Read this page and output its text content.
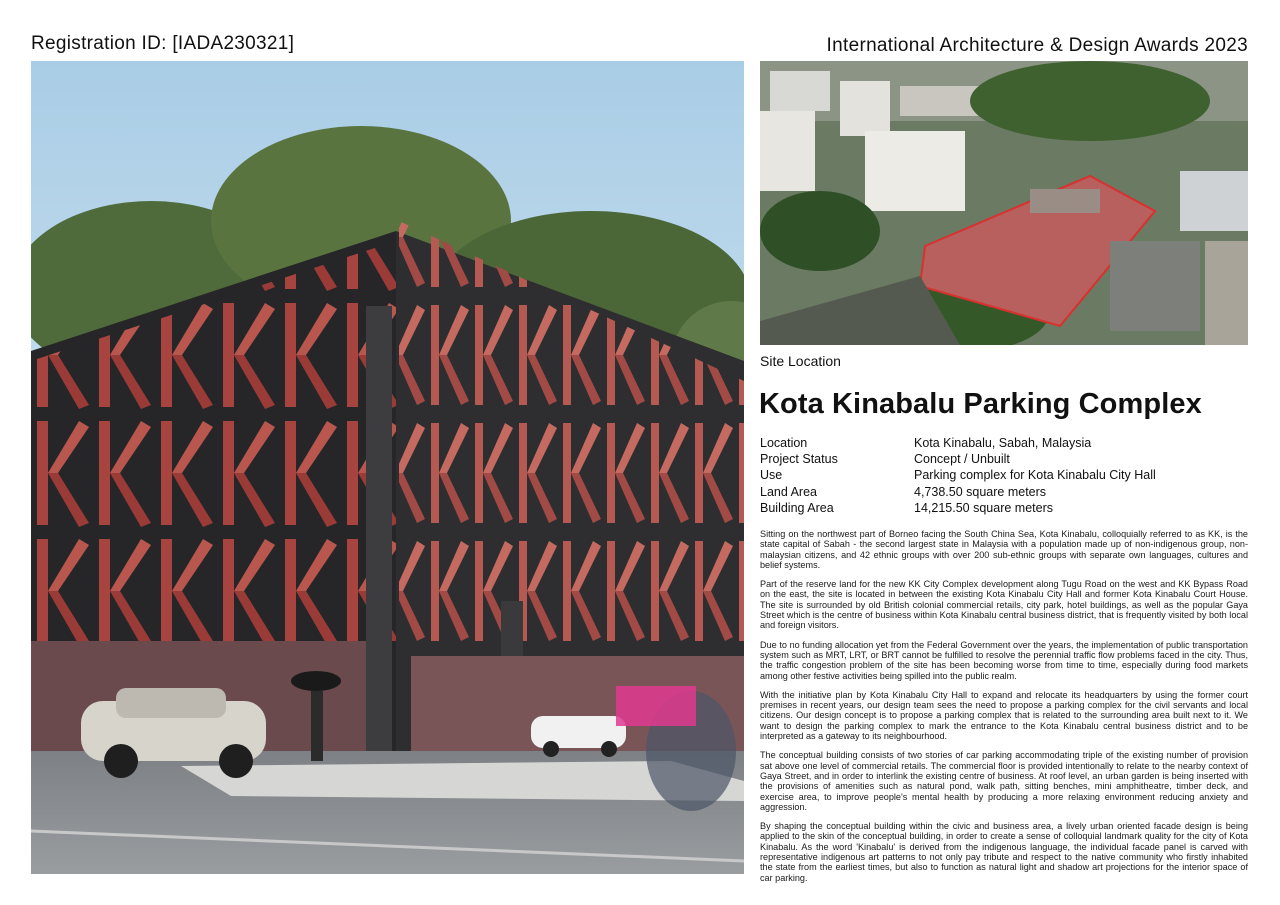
Registration ID: [IADA230321]	International Architecture & Design Awards 2023
Site Location
Kota Kinabalu Parking Complex
Location	Kota Kinabalu, Sabah, Malaysia
Project Status	Concept / Unbuilt
Use	Parking complex for Kota Kinabalu City Hall
Land Area	4,738.50 square meters
Building Area	14,215.50 square meters

Sitting on the northwest part of Borneo facing the South China Sea, Kota Kinabalu, colloquially referred to as KK, is the state capital of Sabah - the second largest state in Malaysia with a population made up of non-indigenous group, non-malaysian citizens, and 42 ethnic groups with over 200 sub-ethnic groups with separate own languages, cultures and belief systems.

Part of the reserve land for the new KK City Complex development along Tugu Road on the west and KK Bypass Road on the east, the site is located in between the existing Kota Kinabalu City Hall and former Kota Kinabalu Court House. The site is surrounded by old British colonial commercial retails, city park, hotel buildings, as well as the popular Gaya Street which is the centre of business within Kota Kinabalu central business district, that is frequently visited by both local and foreign visitors.

Due to no funding allocation yet from the Federal Government over the years, the implementation of public transportation system such as MRT, LRT, or BRT cannot be fulfilled to resolve the perennial traffic flow problems faced in the city. Thus, the traffic congestion problem of the site has been becoming worse from time to time, especially during food markets among other festive activities being spilled into the public realm.

With the initiative plan by Kota Kinabalu City Hall to expand and relocate its headquarters by using the former court premises in recent years, our design team sees the need to propose a parking complex for the civil servants and local citizens. Our design concept is to propose a parking complex that is related to the surrounding area built next to it. We want to design the parking complex to mark the entrance to the Kota Kinabalu central business district and to be interpreted as a gateway to its neighbourhood.

The conceptual building consists of two stories of car parking accommodating triple of the existing number of provision sat above one level of commercial retails. The commercial floor is provided intentionally to relate to the nearby context of Gaya Street, and in order to interlink the existing centre of business. At roof level, an urban garden is being inserted with the provisions of amenities such as natural pond, walk path, sitting benches, mini amphitheatre, timber deck, and exercise area, to improve people's mental health by producing a more relaxing environment reducing anxiety and aggression.

By shaping the conceptual building within the civic and business area, a lively urban oriented facade design is being applied to the skin of the conceptual building, in order to create a sense of colloquial landmark quality for the city of Kota Kinabalu. As the word 'Kinabalu' is derived from the indigenous language, the individual facade panel is carved with representative indigenous art patterns to not only pay tribute and respect to the native community who firstly inhabited the state from the earliest times, but also to function as natural light and shadow art projections for the interior space of car parking.
